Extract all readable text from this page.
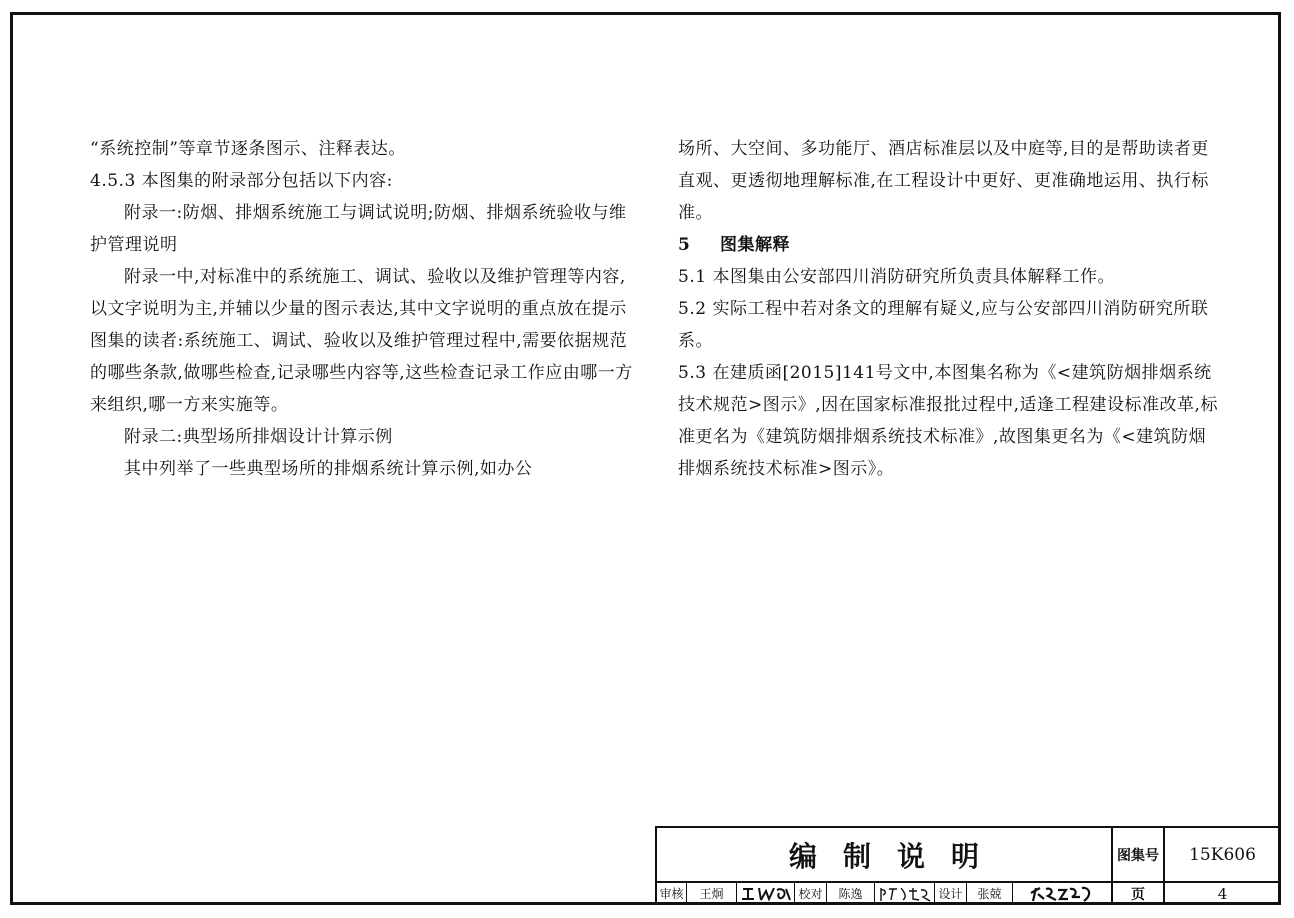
“系统控制”等章节逐条图示、注释表达。

4.5.3 本图集的附录部分包括以下内容:

附录一:防烟、排烟系统施工与调试说明;防烟、排烟系统验收与维护管理说明

附录一中,对标准中的系统施工、调试、验收以及维护管理等内容,以文字说明为主,并辅以少量的图示表达,其中文字说明的重点放在提示图集的读者:系统施工、调试、验收以及维护管理过程中,需要依据规范的哪些条款,做哪些检查,记录哪些内容等,这些检查记录工作应由哪一方来组织,哪一方来实施等。

附录二:典型场所排烟设计计算示例

其中列举了一些典型场所的排烟系统计算示例,如办公

场所、大空间、多功能厅、酒店标准层以及中庭等,目的是帮助读者更直观、更透彻地理解标准,在工程设计中更好、更准确地运用、执行标准。

5 图集解释

5.1 本图集由公安部四川消防研究所负责具体解释工作。

5.2 实际工程中若对条文的理解有疑义,应与公安部四川消防研究所联系。

5.3 在建质函[2015]141号文中,本图集名称为《<建筑防烟排烟系统技术规范>图示》,因在国家标准报批过程中,适逢工程建设标准改革,标准更名为《建筑防烟排烟系统技术标准》,故图集更名为《<建筑防烟排烟系统技术标准>图示》。

编制说明	图集号	15K606
页	4
审核	王炯	校对	陈逸	设计	张兢
